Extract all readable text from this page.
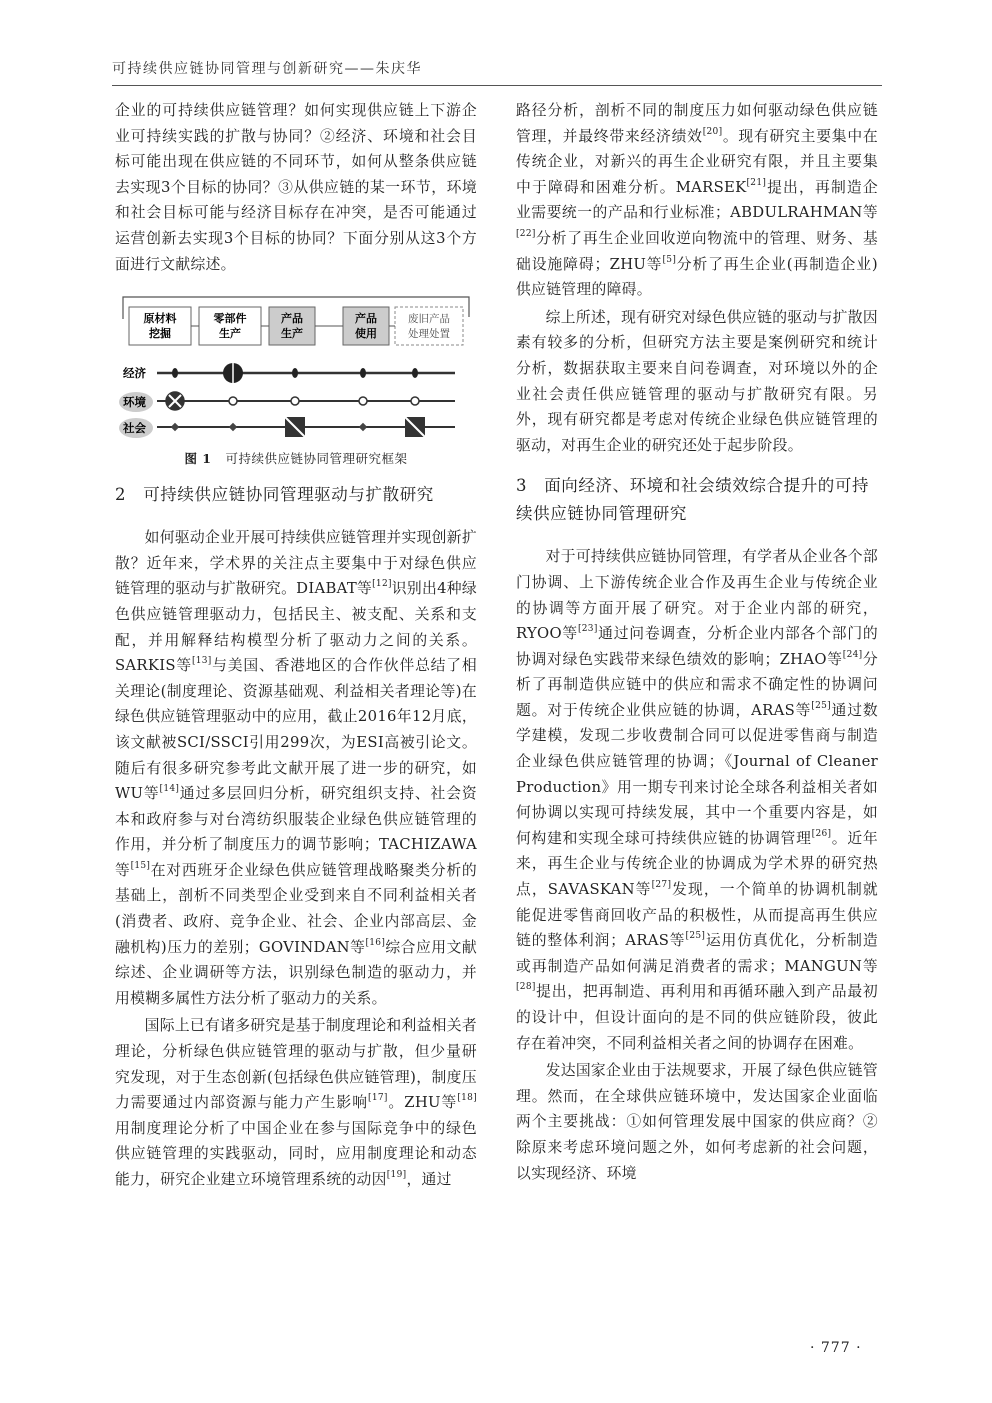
可持续供应链协同管理与创新研究——朱庆华

企业的可持续供应链管理？如何实现供应链上下游企业可持续实践的扩散与协同？②经济、环境和社会目标可能出现在供应链的不同环节，如何从整条供应链去实现3个目标的协同？③从供应链的某一环节，环境和社会目标可能与经济目标存在冲突，是否可能通过运营创新去实现3个目标的协同？下面分别从这3个方面进行文献综述。

原材料
挖掘
零部件
生产
产品
生产
产品
使用
废旧产品
处理处置
经济
环境
社会
图 1 可持续供应链协同管理研究框架
2　可持续供应链协同管理驱动与扩散研究

如何驱动企业开展可持续供应链管理并实现创新扩散？近年来，学术界的关注点主要集中于对绿色供应链管理的驱动与扩散研究。DIABAT等[12]识别出4种绿色供应链管理驱动力，包括民主、被支配、关系和支配，并用解释结构模型分析了驱动力之间的关系。SARKIS等[13]与美国、香港地区的合作伙伴总结了相关理论(制度理论、资源基础观、利益相关者理论等)在绿色供应链管理驱动中的应用，截止2016年12月底，该文献被SCI/SSCI引用299次，为ESI高被引论文。随后有很多研究参考此文献开展了进一步的研究，如WU等[14]通过多层回归分析，研究组织支持、社会资本和政府参与对台湾纺织服装企业绿色供应链管理的作用，并分析了制度压力的调节影响；TACHIZAWA等[15]在对西班牙企业绿色供应链管理战略聚类分析的基础上，剖析不同类型企业受到来自不同利益相关者(消费者、政府、竞争企业、社会、企业内部高层、金融机构)压力的差别；GOVINDAN等[16]综合应用文献综述、企业调研等方法，识别绿色制造的驱动力，并用模糊多属性方法分析了驱动力的关系。

国际上已有诸多研究是基于制度理论和利益相关者理论，分析绿色供应链管理的驱动与扩散，但少量研究发现，对于生态创新(包括绿色供应链管理)，制度压力需要通过内部资源与能力产生影响[17]。ZHU等[18]用制度理论分析了中国企业在参与国际竞争中的绿色供应链管理的实践驱动，同时，应用制度理论和动态能力，研究企业建立环境管理系统的动因[19]，通过

路径分析，剖析不同的制度压力如何驱动绿色供应链管理，并最终带来经济绩效[20]。现有研究主要集中在传统企业，对新兴的再生企业研究有限，并且主要集中于障碍和困难分析。MARSEK[21]提出，再制造企业需要统一的产品和行业标准；ABDULRAHMAN等[22]分析了再生企业回收逆向物流中的管理、财务、基础设施障碍；ZHU等[5]分析了再生企业(再制造企业)供应链管理的障碍。

综上所述，现有研究对绿色供应链的驱动与扩散因素有较多的分析，但研究方法主要是案例研究和统计分析，数据获取主要来自问卷调查，对环境以外的企业社会责任供应链管理的驱动与扩散研究有限。另外，现有研究都是考虑对传统企业绿色供应链管理的驱动，对再生企业的研究还处于起步阶段。

3　面向经济、环境和社会绩效综合提升的可持续供应链协同管理研究

对于可持续供应链协同管理，有学者从企业各个部门协调、上下游传统企业合作及再生企业与传统企业的协调等方面开展了研究。对于企业内部的研究，RYOO等[23]通过问卷调查，分析企业内部各个部门的协调对绿色实践带来绿色绩效的影响；ZHAO等[24]分析了再制造供应链中的供应和需求不确定性的协调问题。对于传统企业供应链的协调，ARAS等[25]通过数学建模，发现二步收费制合同可以促进零售商与制造企业绿色供应链管理的协调；《Journal of Cleaner Production》用一期专刊来讨论全球各利益相关者如何协调以实现可持续发展，其中一个重要内容是，如何构建和实现全球可持续供应链的协调管理[26]。近年来，再生企业与传统企业的协调成为学术界的研究热点，SAVASKAN等[27]发现，一个简单的协调机制就能促进零售商回收产品的积极性，从而提高再生供应链的整体利润；ARAS等[25]运用仿真优化，分析制造或再制造产品如何满足消费者的需求；MANGUN等[28]提出，把再制造、再利用和再循环融入到产品最初的设计中，但设计面向的是不同的供应链阶段，彼此存在着冲突，不同利益相关者之间的协调存在困难。

发达国家企业由于法规要求，开展了绿色供应链管理。然而，在全球供应链环境中，发达国家企业面临两个主要挑战：①如何管理发展中国家的供应商？②除原来考虑环境问题之外，如何考虑新的社会问题，以实现经济、环境

· 777 ·
